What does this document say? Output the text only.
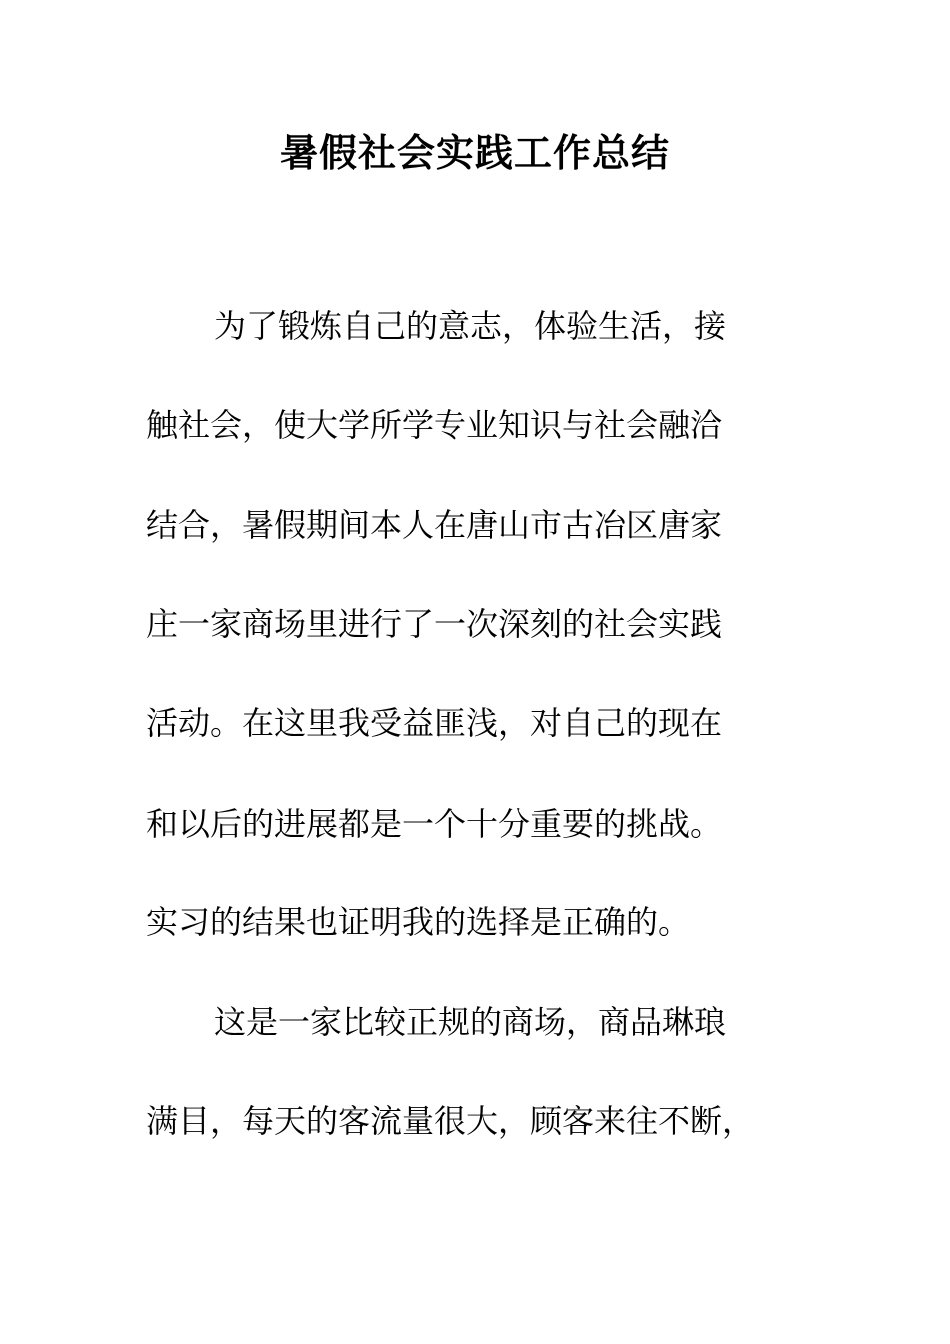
暑假社会实践工作总结
为了锻炼自己的意志，体验生活，接
触社会，使大学所学专业知识与社会融洽
结合，暑假期间本人在唐山市古冶区唐家
庄一家商场里进行了一次深刻的社会实践
活动。在这里我受益匪浅，对自己的现在
和以后的进展都是一个十分重要的挑战。
实习的结果也证明我的选择是正确的。
这是一家比较正规的商场，商品琳琅
满目，每天的客流量很大，顾客来往不断，
